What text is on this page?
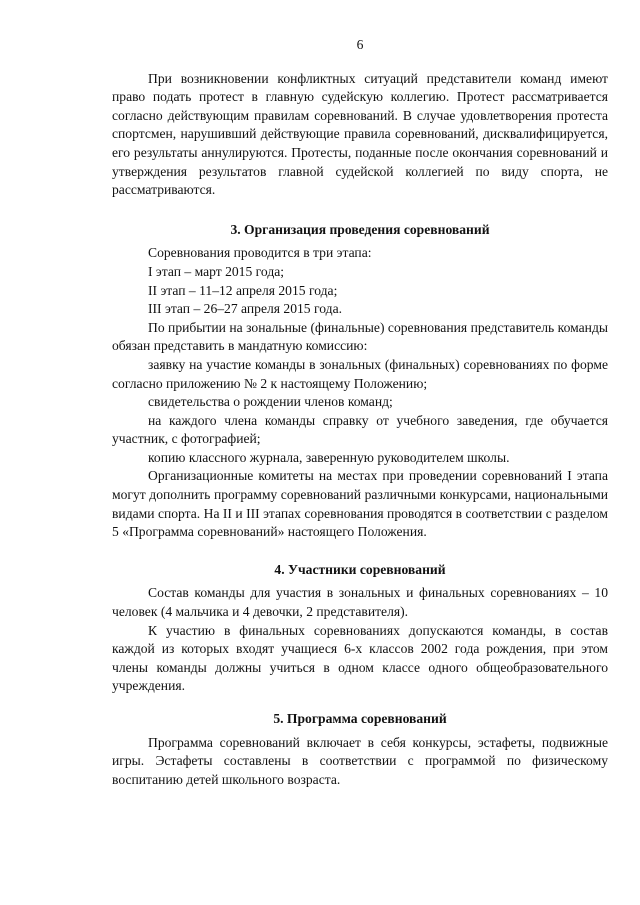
6

При возникновении конфликтных ситуаций представители команд имеют право подать протест в главную судейскую коллегию. Протест рассматривается согласно действующим правилам соревнований. В случае удовлетворения протеста спортсмен, нарушивший действующие правила соревнований, дисквалифицируется, его результаты аннулируются. Протесты, поданные после окончания соревнований и утверждения результатов главной судейской коллегией по виду спорта, не рассматриваются.

3. Организация проведения соревнований

Соревнования проводится в три этапа:

I этап – март 2015 года;

II этап – 11–12 апреля 2015 года;

III этап – 26–27 апреля 2015 года.

По прибытии на зональные (финальные) соревнования представитель команды обязан представить в мандатную комиссию:

заявку на участие команды в зональных (финальных) соревнованиях по форме согласно приложению № 2 к настоящему Положению;

свидетельства о рождении членов команд;

на каждого члена команды справку от учебного заведения, где обучается участник, с фотографией;

копию классного журнала, заверенную руководителем школы.

Организационные комитеты на местах при проведении соревнований I этапа могут дополнить программу соревнований различными конкурсами, национальными видами спорта. На II и III этапах соревнования проводятся в соответствии с разделом 5 «Программа соревнований» настоящего Положения.

4. Участники соревнований

Состав команды для участия в зональных и финальных соревнованиях – 10 человек (4 мальчика и 4 девочки, 2 представителя).

К участию в финальных соревнованиях допускаются команды, в состав каждой из которых входят учащиеся 6-х классов 2002 года рождения, при этом члены команды должны учиться в одном классе одного общеобразовательного учреждения.

5. Программа соревнований

Программа соревнований включает в себя конкурсы, эстафеты, подвижные игры. Эстафеты составлены в соответствии с программой по физическому воспитанию детей школьного возраста.
